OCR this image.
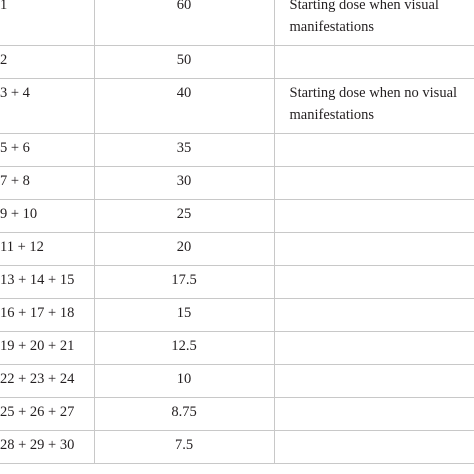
1	60	Starting dose when visual
manifestations
2	50	
3 + 4	40	Starting dose when no visual
manifestations
5 + 6	35	
7 + 8	30	
9 + 10	25	
11 + 12	20	
13 + 14 + 15	17.5	
16 + 17 + 18	15	
19 + 20 + 21	12.5	
22 + 23 + 24	10	
25 + 26 + 27	8.75	
28 + 29 + 30	7.5	
